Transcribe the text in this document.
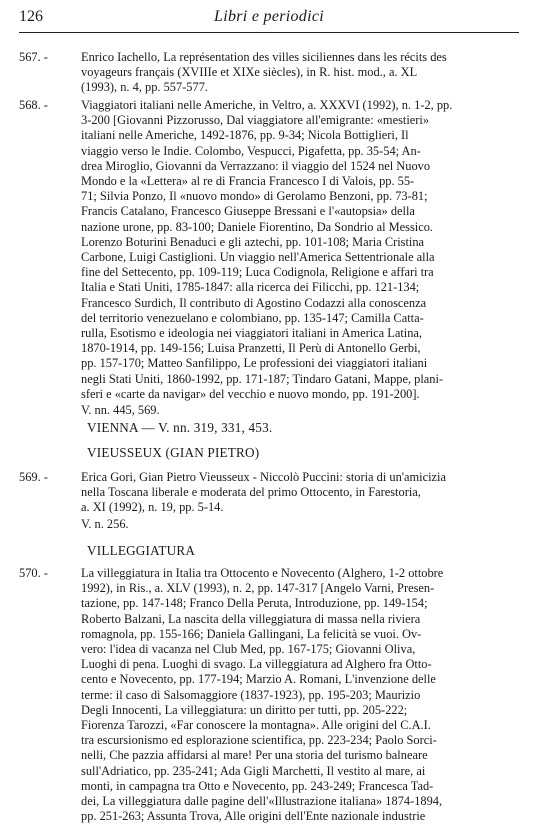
126	Libri e periodici
567. -	Enrico Iachello, La représentation des villes siciliennes dans les récits des
voyageurs français (XVIIIe et XIXe siècles), in R. hist. mod., a. XL
(1993), n. 4, pp. 557-577.
568. -	Viaggiatori italiani nelle Americhe, in Veltro, a. XXXVI (1992), n. 1-2, pp.
3-200 [Giovanni Pizzorusso, Dal viaggiatore all'emigrante: «mestieri»
italiani nelle Americhe, 1492-1876, pp. 9-34; Nicola Bottiglieri, Il
viaggio verso le Indie. Colombo, Vespucci, Pigafetta, pp. 35-54; An-
drea Miroglio, Giovanni da Verrazzano: il viaggio del 1524 nel Nuovo
Mondo e la «Lettera» al re di Francia Francesco I di Valois, pp. 55-
71; Silvia Ponzo, Il «nuovo mondo» di Gerolamo Benzoni, pp. 73-81;
Francis Catalano, Francesco Giuseppe Bressani e l'«autopsia» della
nazione urone, pp. 83-100; Daniele Fiorentino, Da Sondrio al Messico.
Lorenzo Boturini Benaduci e gli aztechi, pp. 101-108; Maria Cristina
Carbone, Luigi Castiglioni. Un viaggio nell'America Settentrionale alla
fine del Settecento, pp. 109-119; Luca Codignola, Religione e affari tra
Italia e Stati Uniti, 1785-1847: alla ricerca dei Filicchi, pp. 121-134;
Francesco Surdich, Il contributo di Agostino Codazzi alla conoscenza
del territorio venezuelano e colombiano, pp. 135-147; Camilla Catta-
rulla, Esotismo e ideologia nei viaggiatori italiani in America Latina,
1870-1914, pp. 149-156; Luisa Pranzetti, Il Perù di Antonello Gerbi,
pp. 157-170; Matteo Sanfilippo, Le professioni dei viaggiatori italiani
negli Stati Uniti, 1860-1992, pp. 171-187; Tindaro Gatani, Mappe, plani-
sferi e «carte da navigar» del vecchio e nuovo mondo, pp. 191-200].
V. nn. 445, 569.
VIENNA — V. nn. 319, 331, 453.
VIEUSSEUX (GIAN PIETRO)
569. -	Erica Gori, Gian Pietro Vieusseux - Niccolò Puccini: storia di un'amicizia
nella Toscana liberale e moderata del primo Ottocento, in Farestoria,
a. XI (1992), n. 19, pp. 5-14.
V. n. 256.
VILLEGGIATURA
570. -	La villeggiatura in Italia tra Ottocento e Novecento (Alghero, 1-2 ottobre
1992), in Ris., a. XLV (1993), n. 2, pp. 147-317 [Angelo Varni, Presen-
tazione, pp. 147-148; Franco Della Peruta, Introduzione, pp. 149-154;
Roberto Balzani, La nascita della villeggiatura di massa nella riviera
romagnola, pp. 155-166; Daniela Gallingani, La felicità se vuoi. Ov-
vero: l'idea di vacanza nel Club Med, pp. 167-175; Giovanni Oliva,
Luoghi di pena. Luoghi di svago. La villeggiatura ad Alghero fra Otto-
cento e Novecento, pp. 177-194; Marzio A. Romani, L'invenzione delle
terme: il caso di Salsomaggiore (1837-1923), pp. 195-203; Maurizio
Degli Innocenti, La villeggiatura: un diritto per tutti, pp. 205-222;
Fiorenza Tarozzi, «Far conoscere la montagna». Alle origini del C.A.I.
tra escursionismo ed esplorazione scientifica, pp. 223-234; Paolo Sorci-
nelli, Che pazzia affidarsi al mare! Per una storia del turismo balneare
sull'Adriatico, pp. 235-241; Ada Gigli Marchetti, Il vestito al mare, ai
monti, in campagna tra Otto e Novecento, pp. 243-249; Francesca Tad-
dei, La villeggiatura dalle pagine dell'«Illustrazione italiana» 1874-1894,
pp. 251-263; Assunta Trova, Alle origini dell'Ente nazionale industrie
